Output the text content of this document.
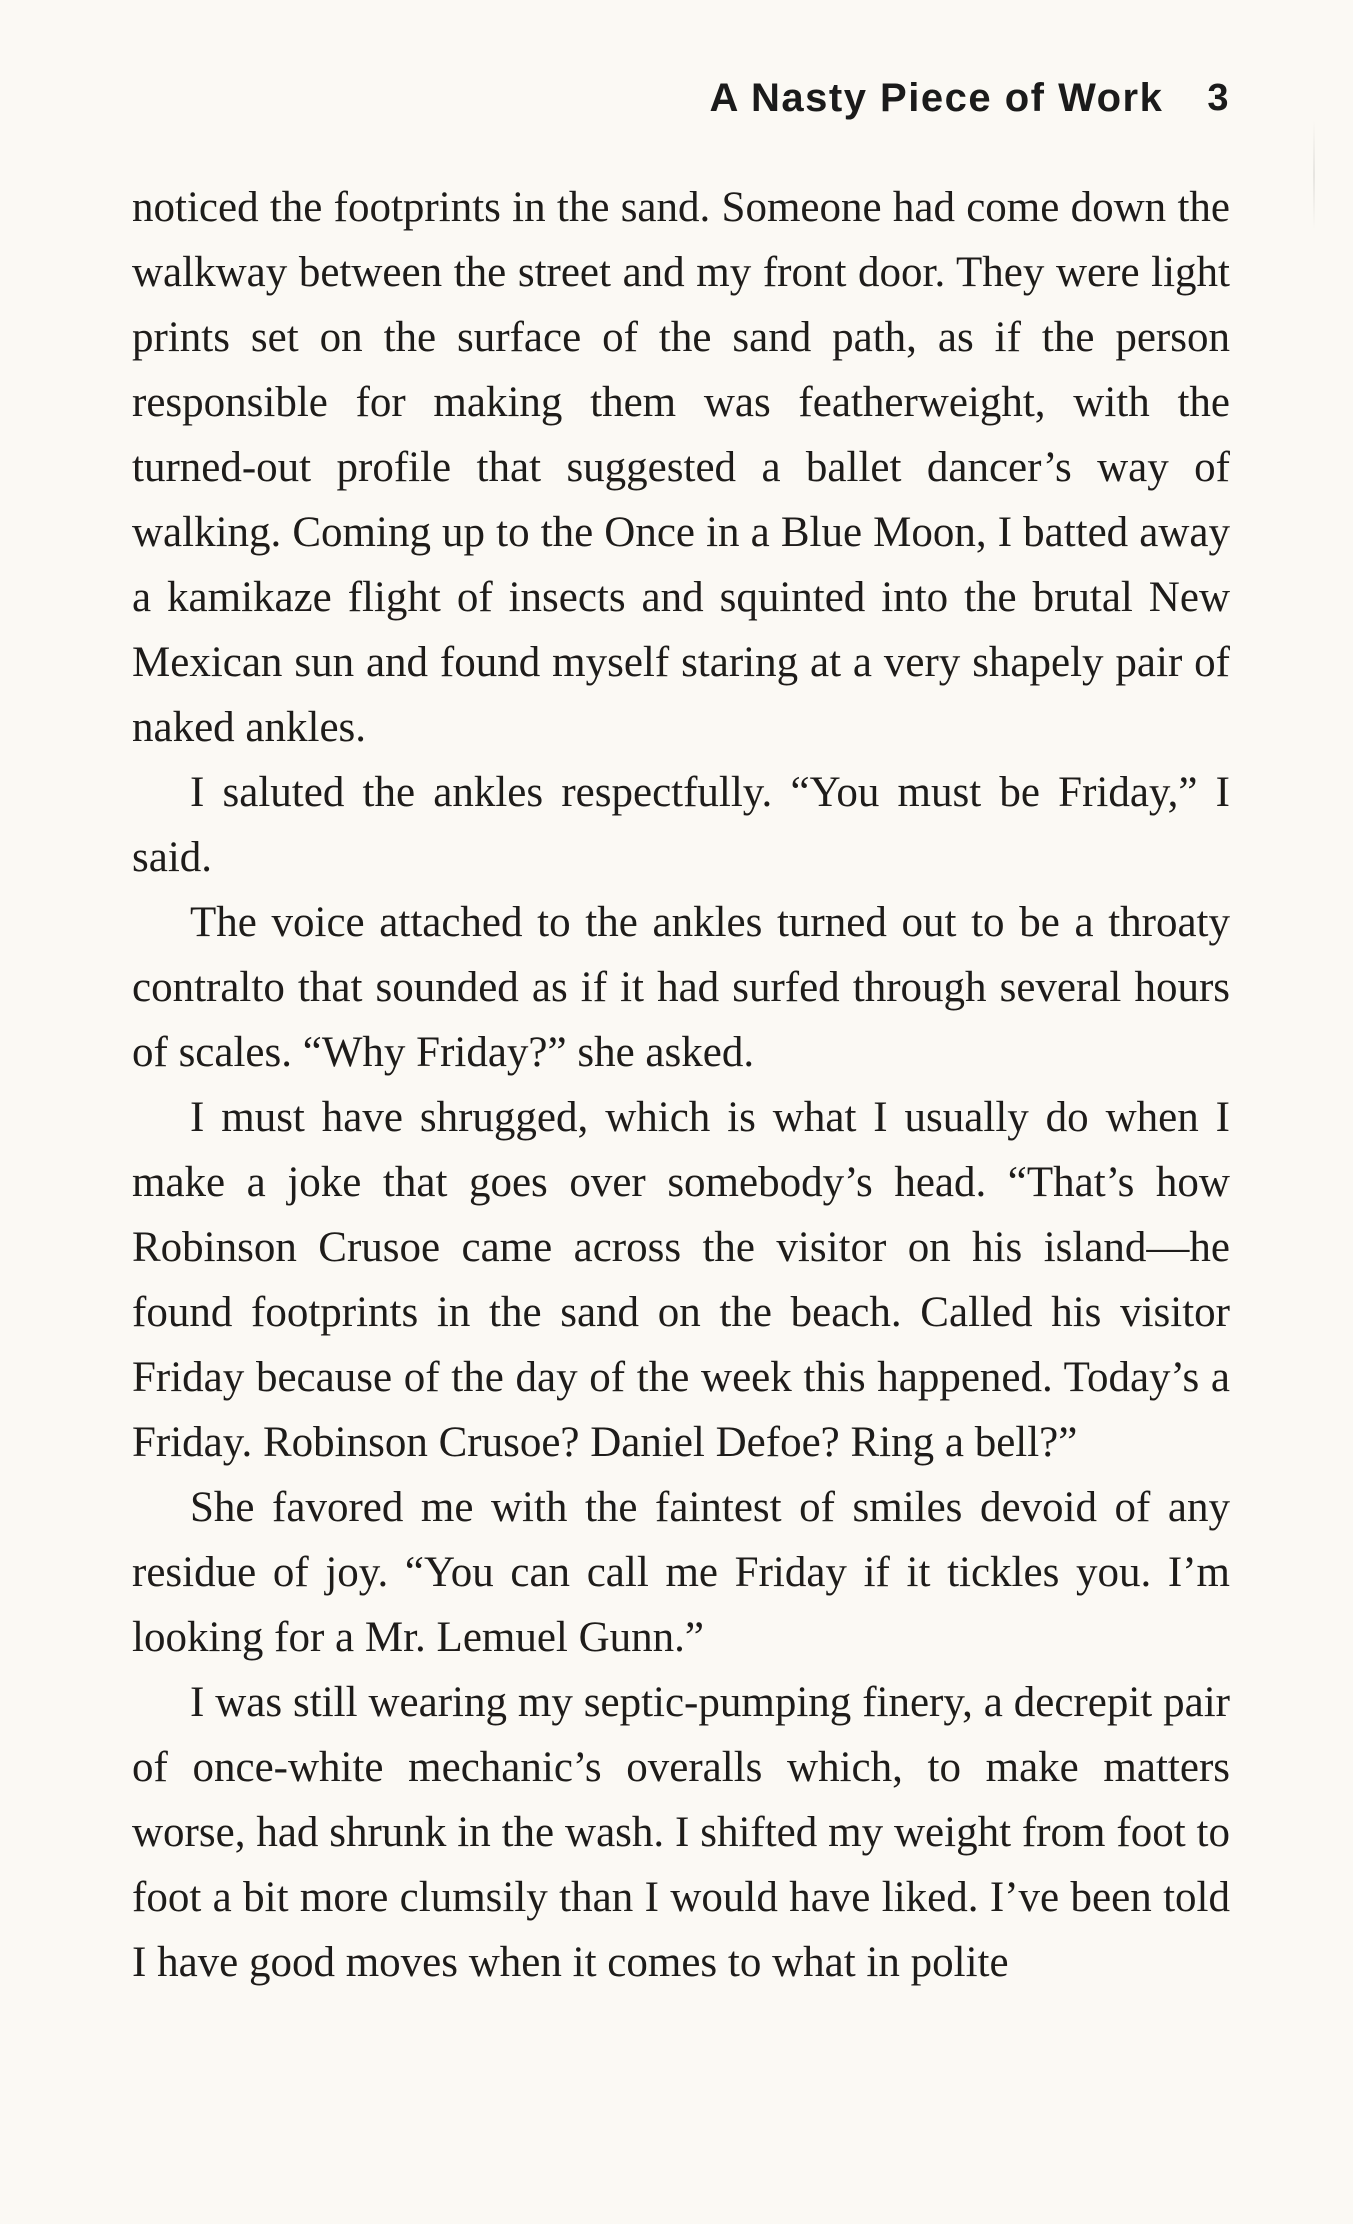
A Nasty Piece of Work 3

noticed the footprints in the sand. Someone had come down the walkway between the street and my front door. They were light prints set on the surface of the sand path, as if the person responsible for making them was featherweight, with the turned-out profile that suggested a ballet dancer’s way of walking. Coming up to the Once in a Blue Moon, I batted away a kamikaze flight of insects and squinted into the brutal New Mexican sun and found myself staring at a very shapely pair of naked ankles.

I saluted the ankles respectfully. “You must be Friday,” I said.

The voice attached to the ankles turned out to be a throaty contralto that sounded as if it had surfed through several hours of scales. “Why Friday?” she asked.

I must have shrugged, which is what I usually do when I make a joke that goes over somebody’s head. “That’s how Robinson Crusoe came across the visitor on his island—he found footprints in the sand on the beach. Called his visitor Friday because of the day of the week this happened. Today’s a Friday. Robinson Crusoe? Daniel Defoe? Ring a bell?”

She favored me with the faintest of smiles devoid of any residue of joy. “You can call me Friday if it tickles you. I’m looking for a Mr. Lemuel Gunn.”

I was still wearing my septic-pumping finery, a decrepit pair of once-white mechanic’s overalls which, to make matters worse, had shrunk in the wash. I shifted my weight from foot to foot a bit more clumsily than I would have liked. I’ve been told I have good moves when it comes to what in polite
